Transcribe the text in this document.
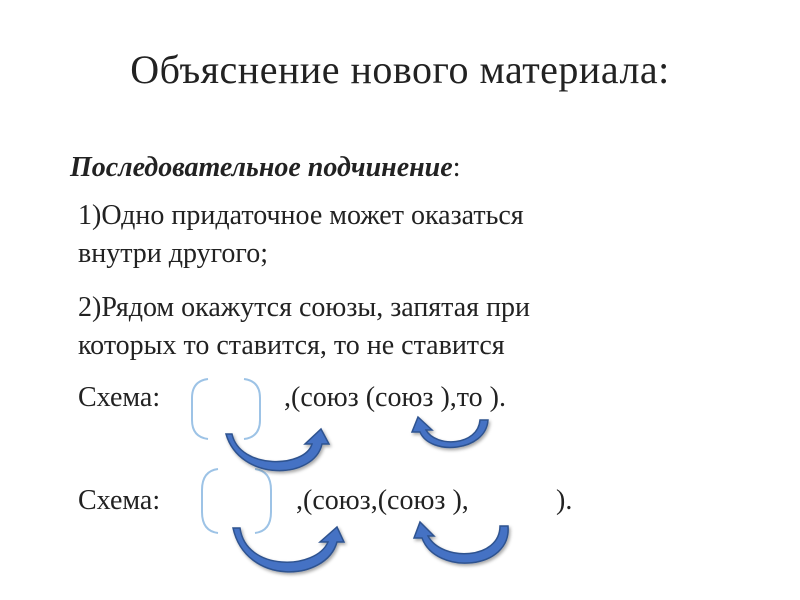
Объяснение нового материала:
Последовательное подчинение:
1)Одно придаточное может оказаться
внутри другого;
2)Рядом окажутся союзы, запятая при
которых то ставится, то не ставится
Схема:	,(союз (союз ),то ).
Схема:	,(союз,(союз ),	).
